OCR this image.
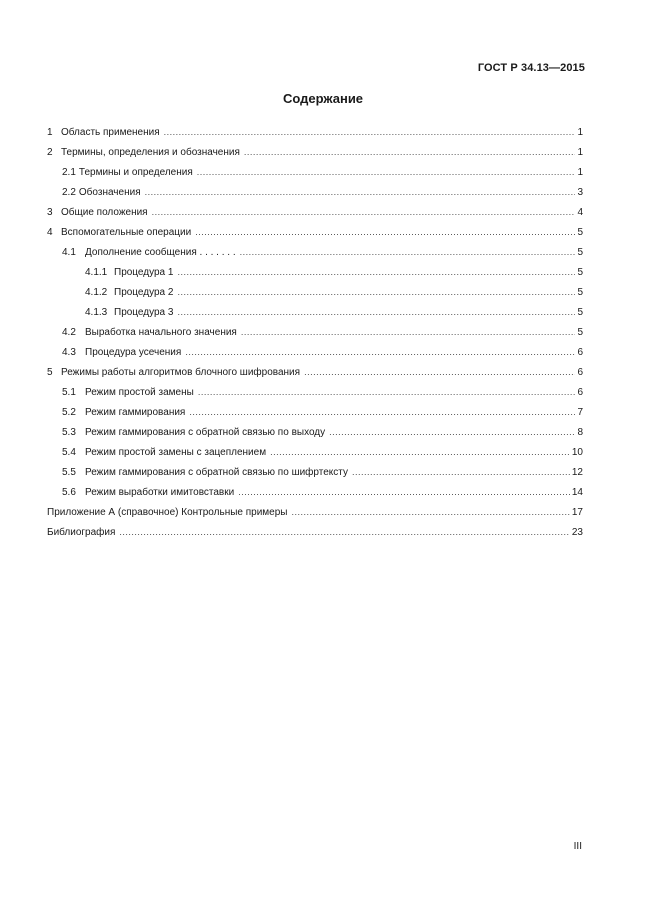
ГОСТ Р 34.13—2015
Содержание
1 Область применения .....	1
2 Термины, определения и обозначения .....	1
2.1 Термины и определения .....	1
2.2 Обозначения .....	3
3 Общие положения .....	4
4 Вспомогательные операции .....	5
4.1 Дополнение сообщения . . . . . . . .....	5
4.1.1 Процедура 1 .....	5
4.1.2 Процедура 2 .....	5
4.1.3 Процедура 3 .....	5
4.2 Выработка начального значения .....	5
4.3 Процедура усечения .....	6
5 Режимы работы алгоритмов блочного шифрования .....	6
5.1 Режим простой замены .....	6
5.2 Режим гаммирования .....	7
5.3 Режим гаммирования с обратной связью по выходу .....	8
5.4 Режим простой замены с зацеплением .....	10
5.5 Режим гаммирования с обратной связью по шифртексту .....	12
5.6 Режим выработки имитовставки .....	14
Приложение А (справочное) Контрольные примеры .....	17
Библиография .....	23
III
